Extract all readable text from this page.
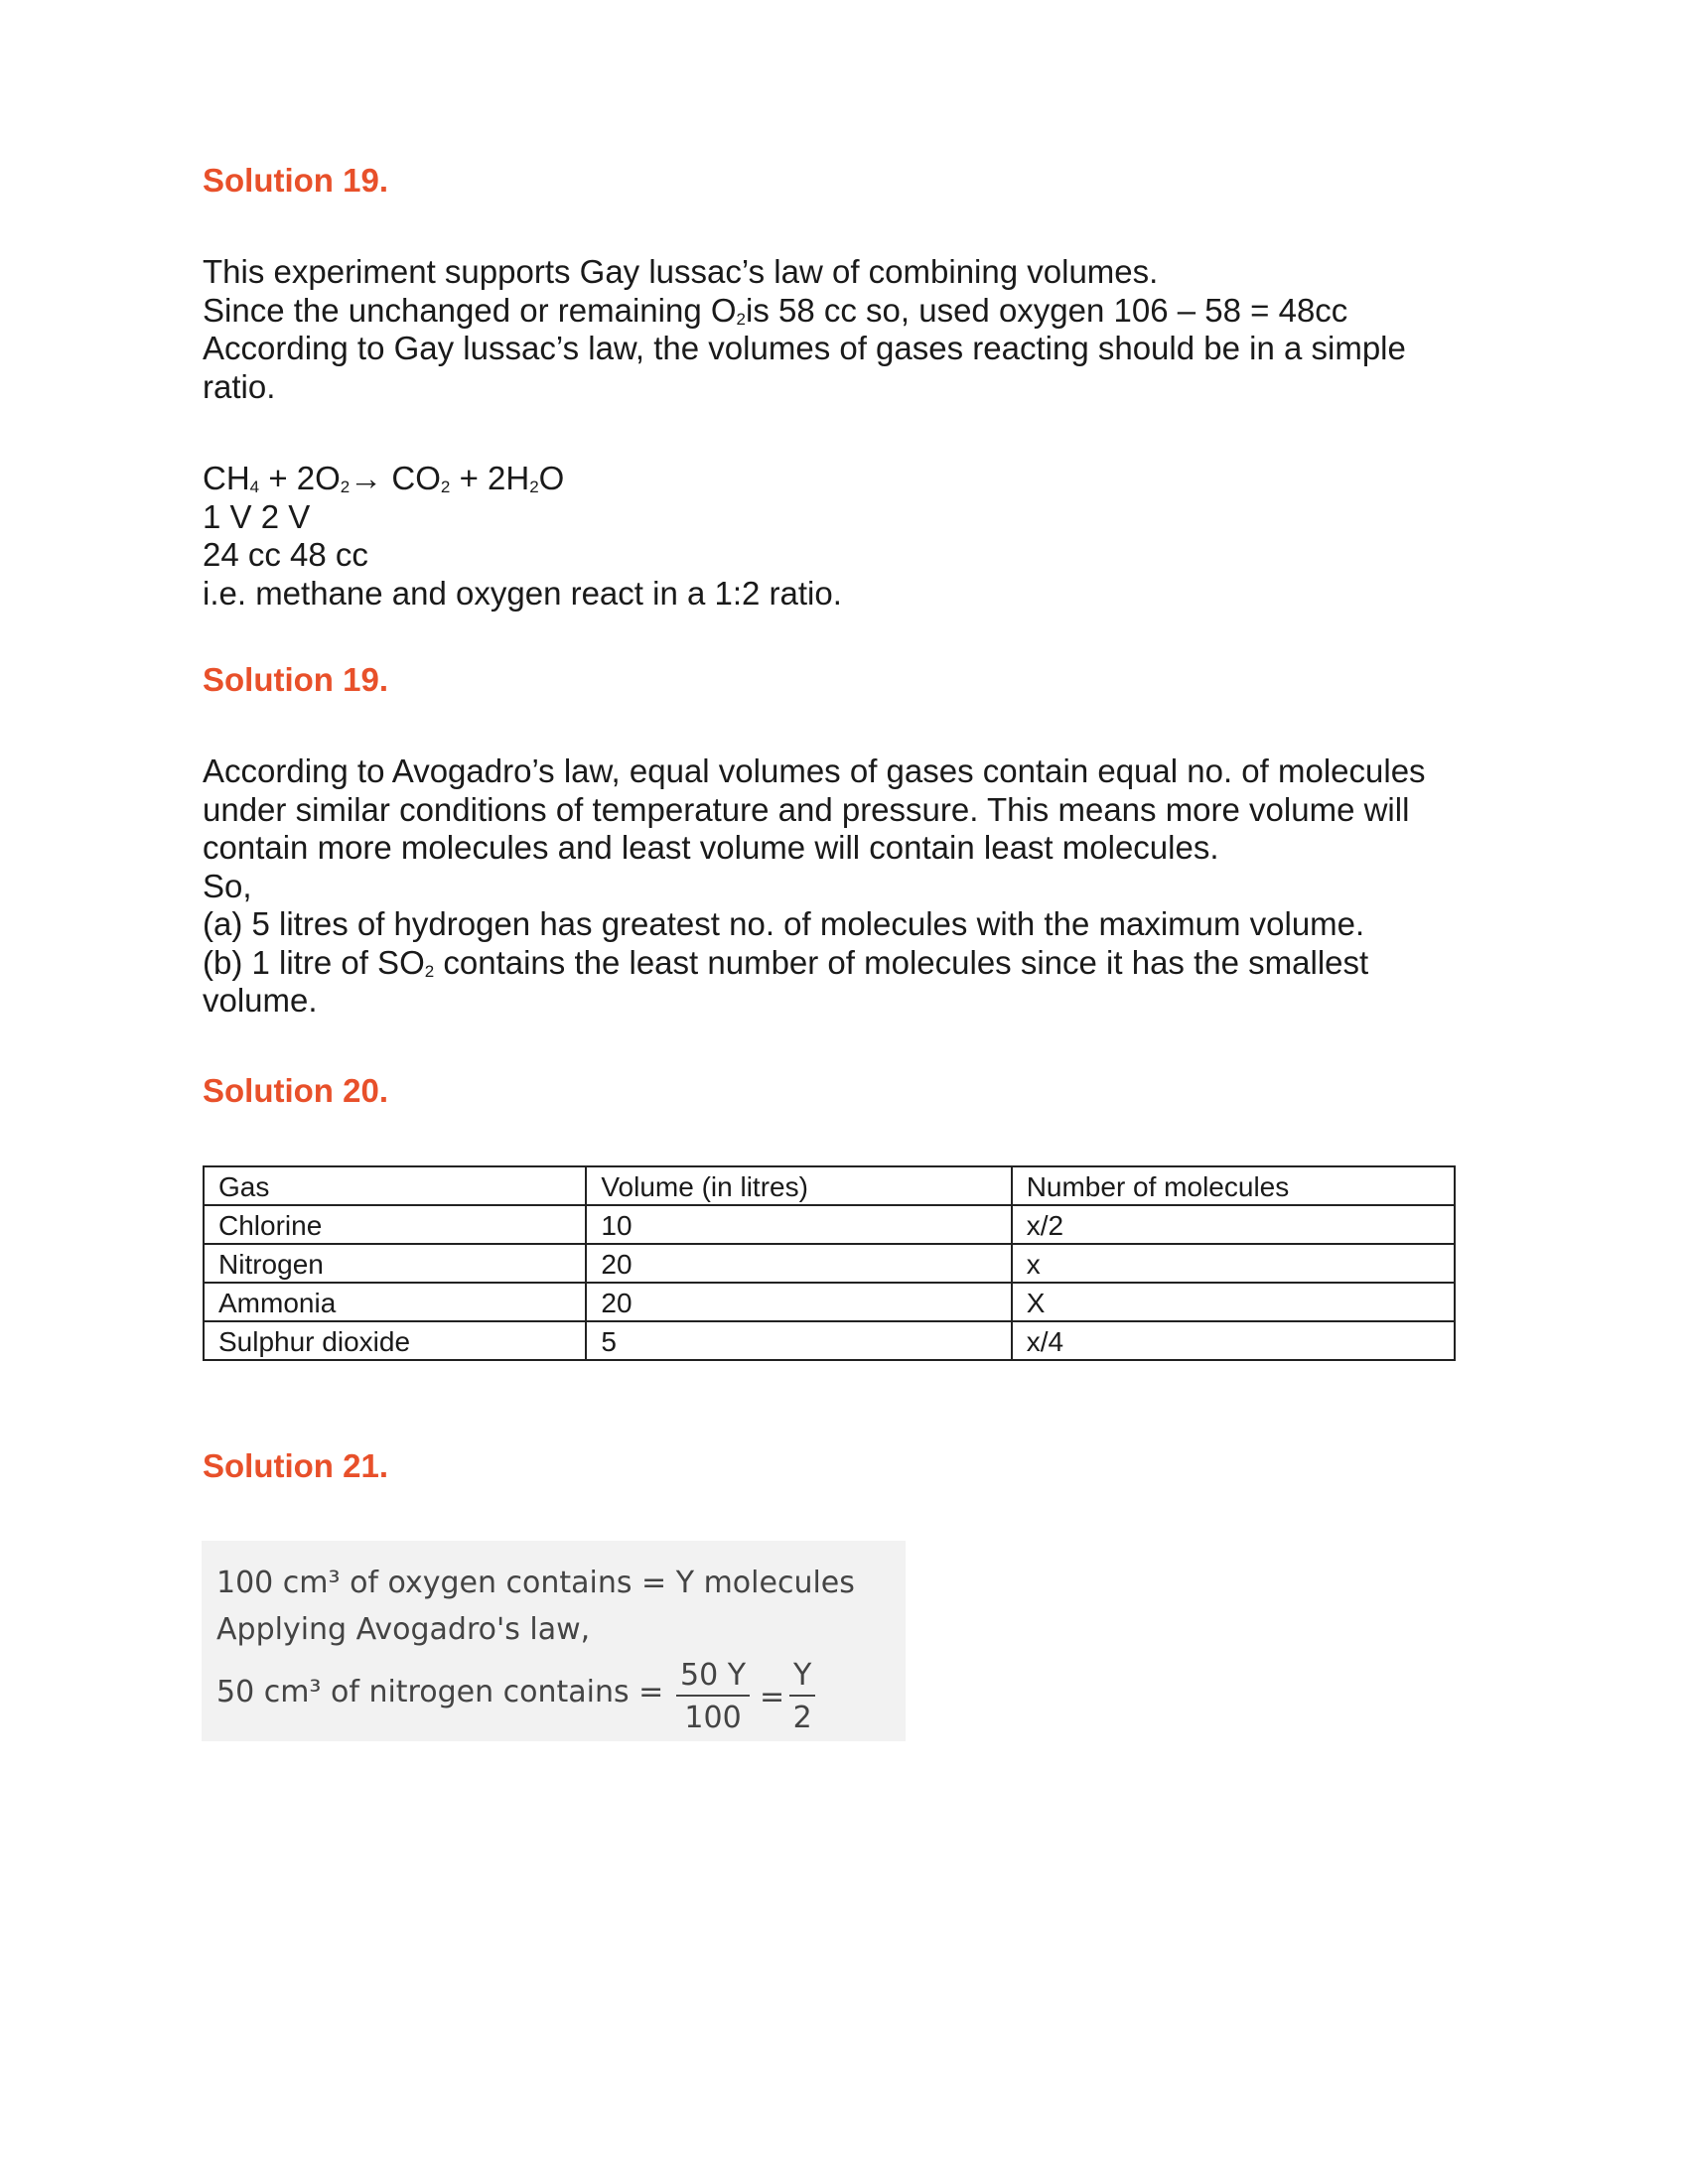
Solution 19.

This experiment supports Gay lussac’s law of combining volumes.

Since the unchanged or remaining $O_2is$ 58 cc so, used oxygen 106 – 58 = 48cc

According to Gay lussac’s law, the volumes of gases reacting should be in a simple

ratio.

$CH_4 + 2O_2\to CO_2 + 2H_2O$

1 V 2 V

24 cc 48 cc

i.e. methane and oxygen react in a 1:2 ratio.

Solution 19.

According to Avogadro’s law, equal volumes of gases contain equal no. of molecules

under similar conditions of temperature and pressure. This means more volume will

contain more molecules and least volume will contain least molecules.

So,

(a) 5 litres of hydrogen has greatest no. of molecules with the maximum volume.

(b) 1 litre of $SO_2$ contains the least number of molecules since it has the smallest

volume.

Solution 20.
Gas	Volume (in litres)	Number of molecules
Chlorine	10	x/2
Nitrogen	20	x
Ammonia	20	X
Sulphur dioxide	5	x/4
Solution 21.
100 cm³ of oxygen contains = Y molecules
Applying Avogadro's law,
50 cm³ of nitrogen contains = $\frac{50 Y}{100} = \frac{Y}{2}$
